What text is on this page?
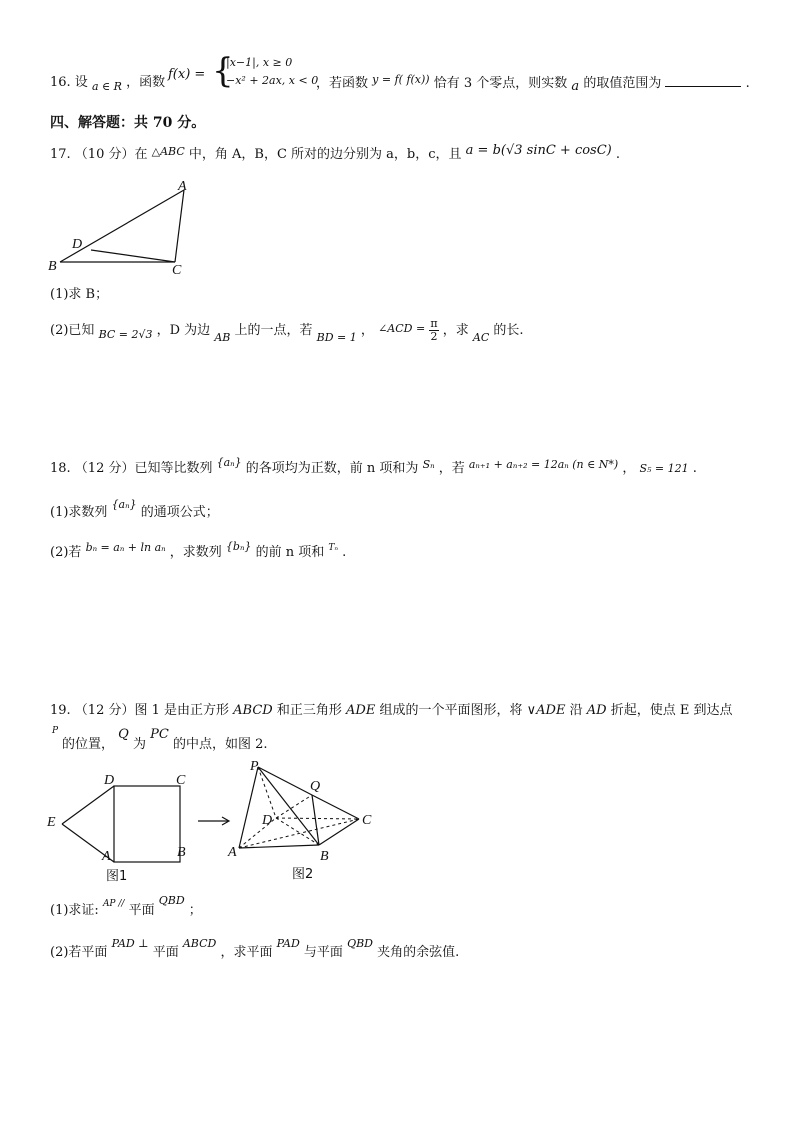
16. 设 $_{a \in R}$ ，函数
f(x) = {
|x−1|, x ≥ 0
−x² + 2ax, x < 0
，若函数 $^{y = f( f(x))}$ 恰有 3 个零点，则实数 a 的取值范围为	.
四、解答题：共 70 分。
17. （10 分）在 $^{\triangle ABC}$ 中，角 A，B，C 所对的边分别为 a，b，c，且 a = b(√3 sinC + cosC) .
A
B	C
D
(1)求 B；
(2)已知 $_{BC = 2√3}$ ，D 为边 $_{AB}$ 上的一点，若 $_{BD = 1}$ ， ∠ACD = $\frac{\pi}{2}$ ，求 $_{AC}$ 的长.
18. （12 分）已知等比数列 $^{\{a_n\}}$ 的各项均为正数，前 n 项和为 $^{S_n}$ ，若 $^{a_{n+1} + a_{n+2} = 12a_n (n \in N*)}$ ， S₅ = 121 .
(1)求数列 $^{\{a_n\}}$ 的通项公式；
(2)若 $^{b_n = a_n + ln a_n}$ ，求数列 $^{\{b_n\}}$ 的前 n 项和 $^{T_n}$ .
19. （12 分）图 1 是由正方形 ABCD 和正三角形 ADE 组成的一个平面图形，将 ∨ADE 沿 AD 折起，使点 E 到达点
P
的位置， Q 为 PC 的中点，如图 2.
D	C
E
A	B
图1
P
Q
D	C
A	B
图2
(1)求证: $^{AP //}$ 平面 $^{QBD}$ ；
(2)若平面 $^{PAD \perp}$ 平面 $^{ABCD}$ ，求平面 $^{PAD}$ 与平面 $^{QBD}$ 夹角的余弦值.
